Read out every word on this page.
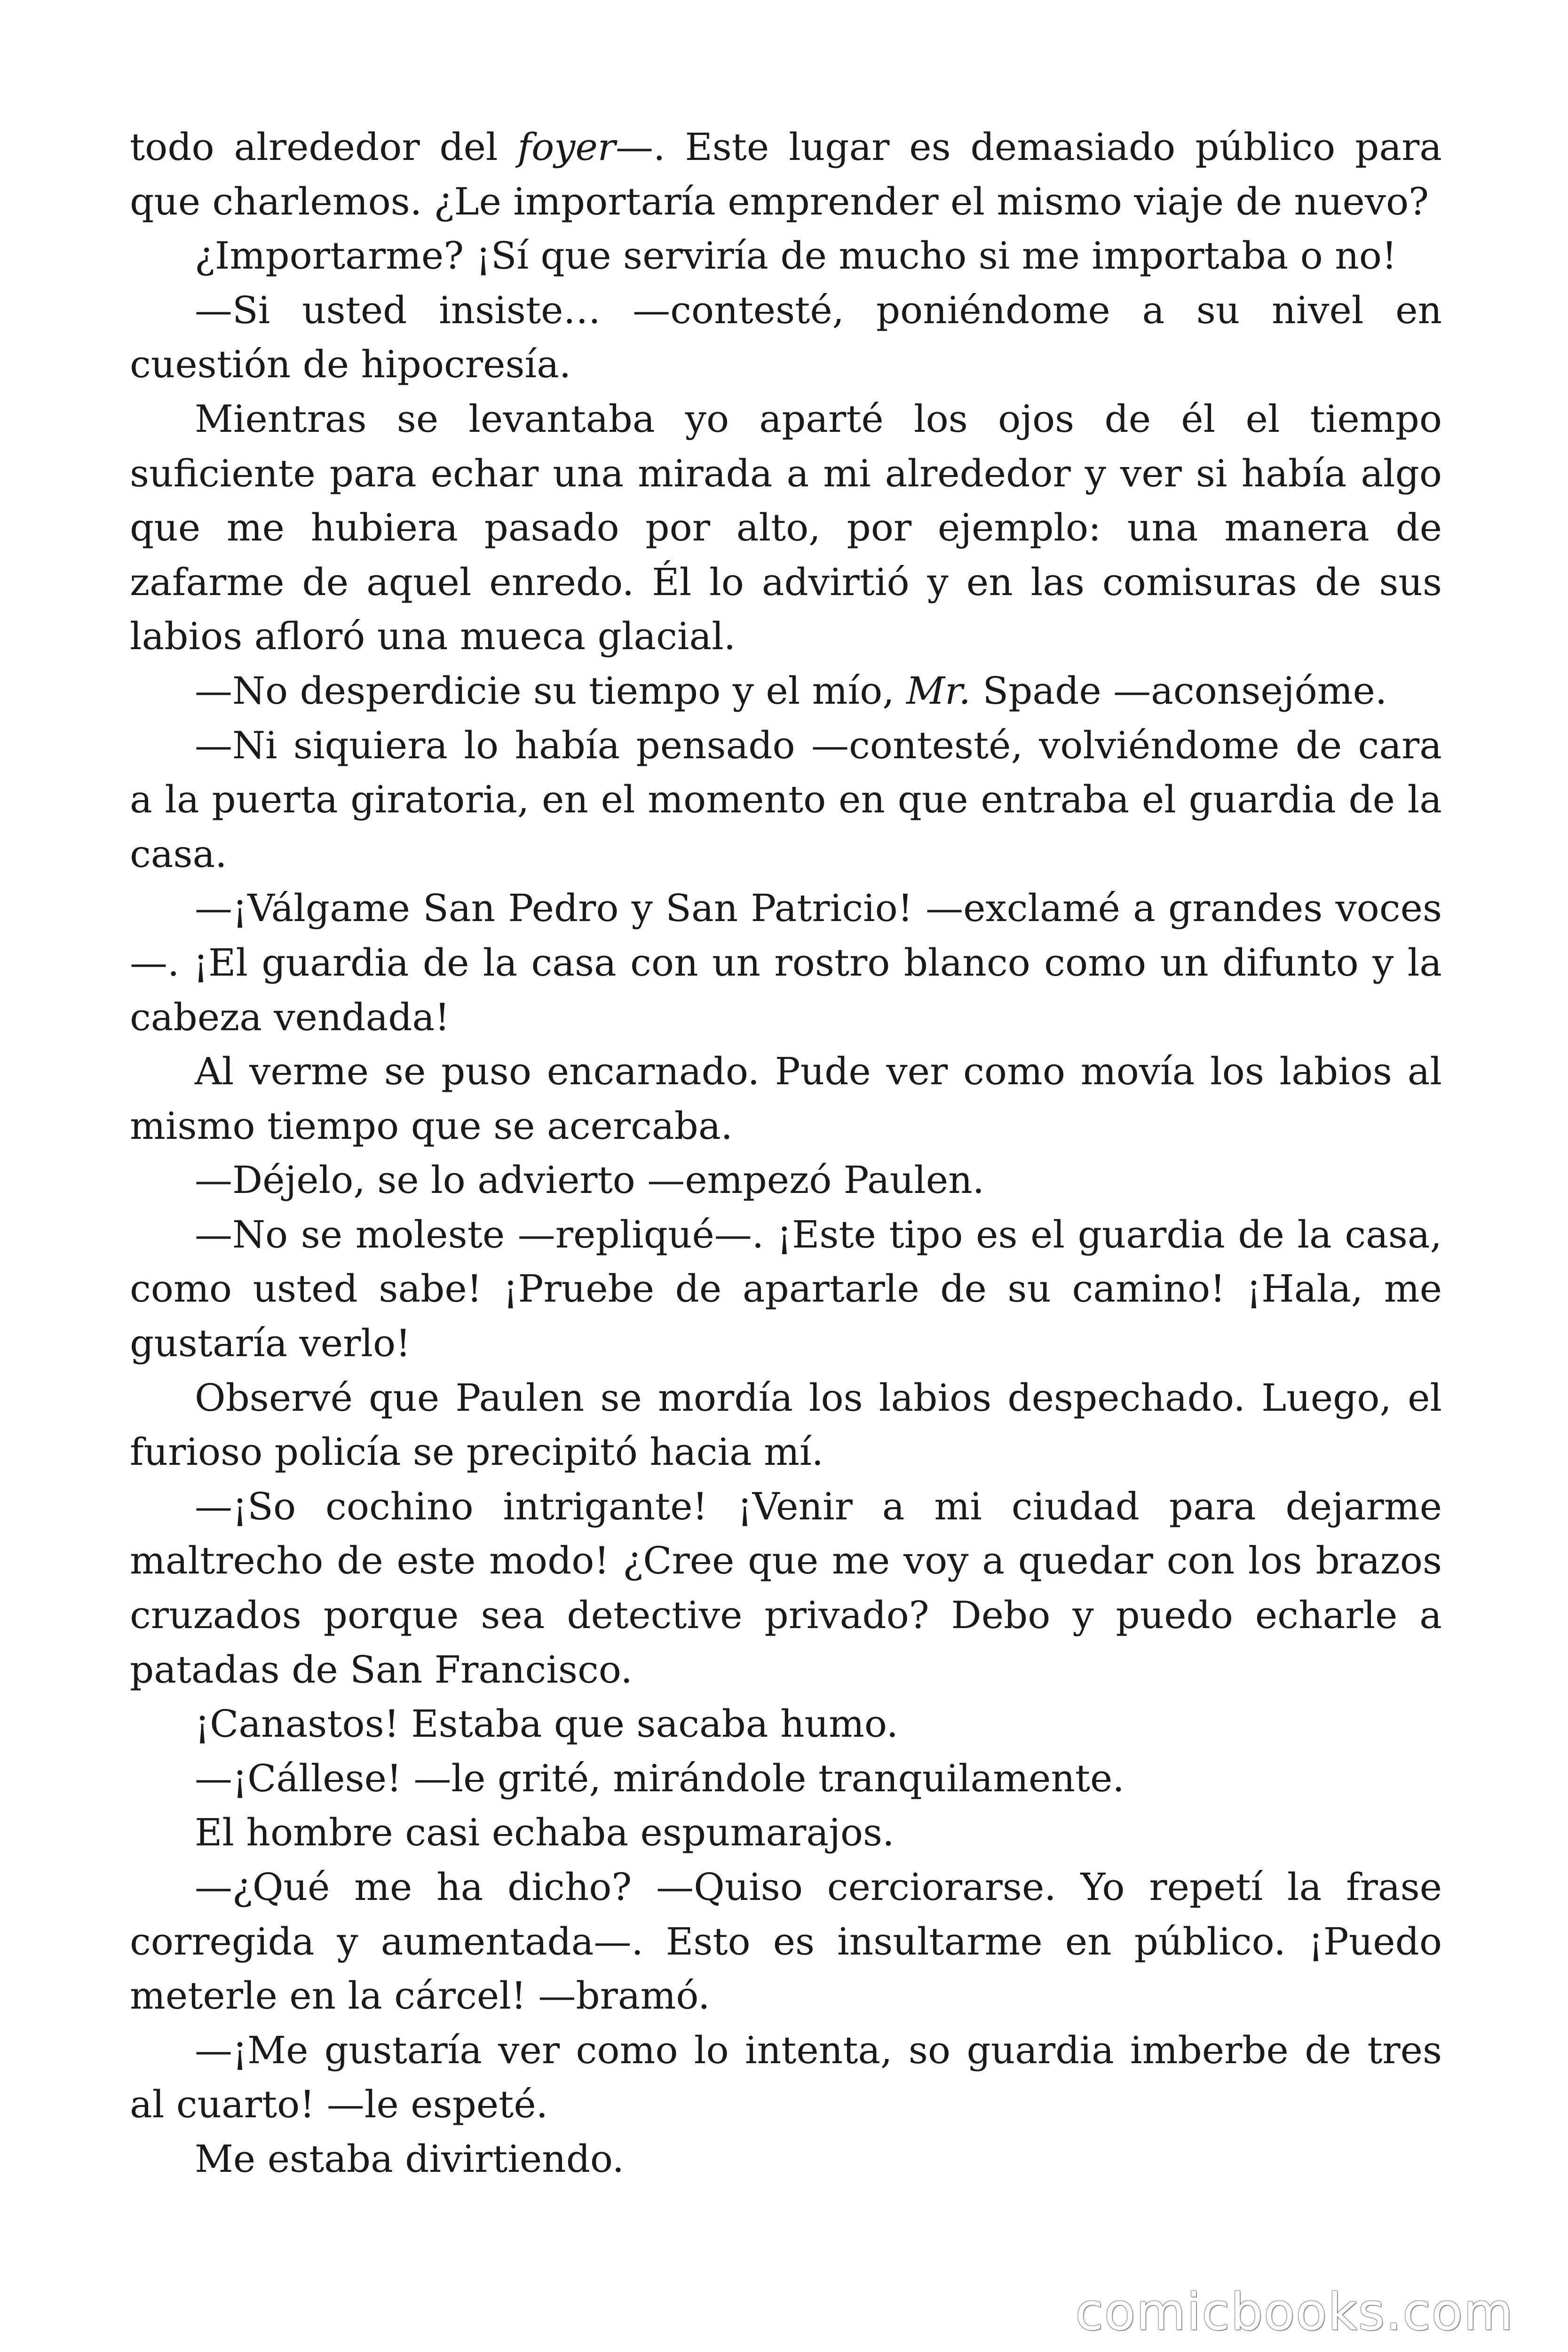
todo alrededor del foyer—. Este lugar es demasiado público para que charlemos. ¿Le importaría emprender el mismo viaje de nuevo?

¿Importarme? ¡Sí que serviría de mucho si me importaba o no!

—Si usted insiste… —contesté, poniéndome a su nivel en cuestión de hipocresía.

Mientras se levantaba yo aparté los ojos de él el tiempo suficiente para echar una mirada a mi alrededor y ver si había algo que me hubiera pasado por alto, por ejemplo: una manera de zafarme de aquel enredo. Él lo advirtió y en las comisuras de sus labios afloró una mueca glacial.

—No desperdicie su tiempo y el mío, Mr. Spade —aconsejóme.

—Ni siquiera lo había pensado —contesté, volviéndome de cara a la puerta giratoria, en el momento en que entraba el guardia de la casa.

—¡Válgame San Pedro y San Patricio! —exclamé a grandes voces—. ¡El guardia de la casa con un rostro blanco como un difunto y la cabeza vendada!

Al verme se puso encarnado. Pude ver como movía los labios al mismo tiempo que se acercaba.

—Déjelo, se lo advierto —empezó Paulen.

—No se moleste —repliqué—. ¡Este tipo es el guardia de la casa, como usted sabe! ¡Pruebe de apartarle de su camino! ¡Hala, me gustaría verlo!

Observé que Paulen se mordía los labios despechado. Luego, el furioso policía se precipitó hacia mí.

—¡So cochino intrigante! ¡Venir a mi ciudad para dejarme maltrecho de este modo! ¿Cree que me voy a quedar con los brazos cruzados porque sea detective privado? Debo y puedo echarle a patadas de San Francisco.

¡Canastos! Estaba que sacaba humo.

—¡Cállese! —le grité, mirándole tranquilamente.

El hombre casi echaba espumarajos.

—¿Qué me ha dicho? —Quiso cerciorarse. Yo repetí la frase corregida y aumentada—. Esto es insultarme en público. ¡Puedo meterle en la cárcel! —bramó.

—¡Me gustaría ver como lo intenta, so guardia imberbe de tres al cuarto! —le espeté.

Me estaba divirtiendo.

comicbooks.com
